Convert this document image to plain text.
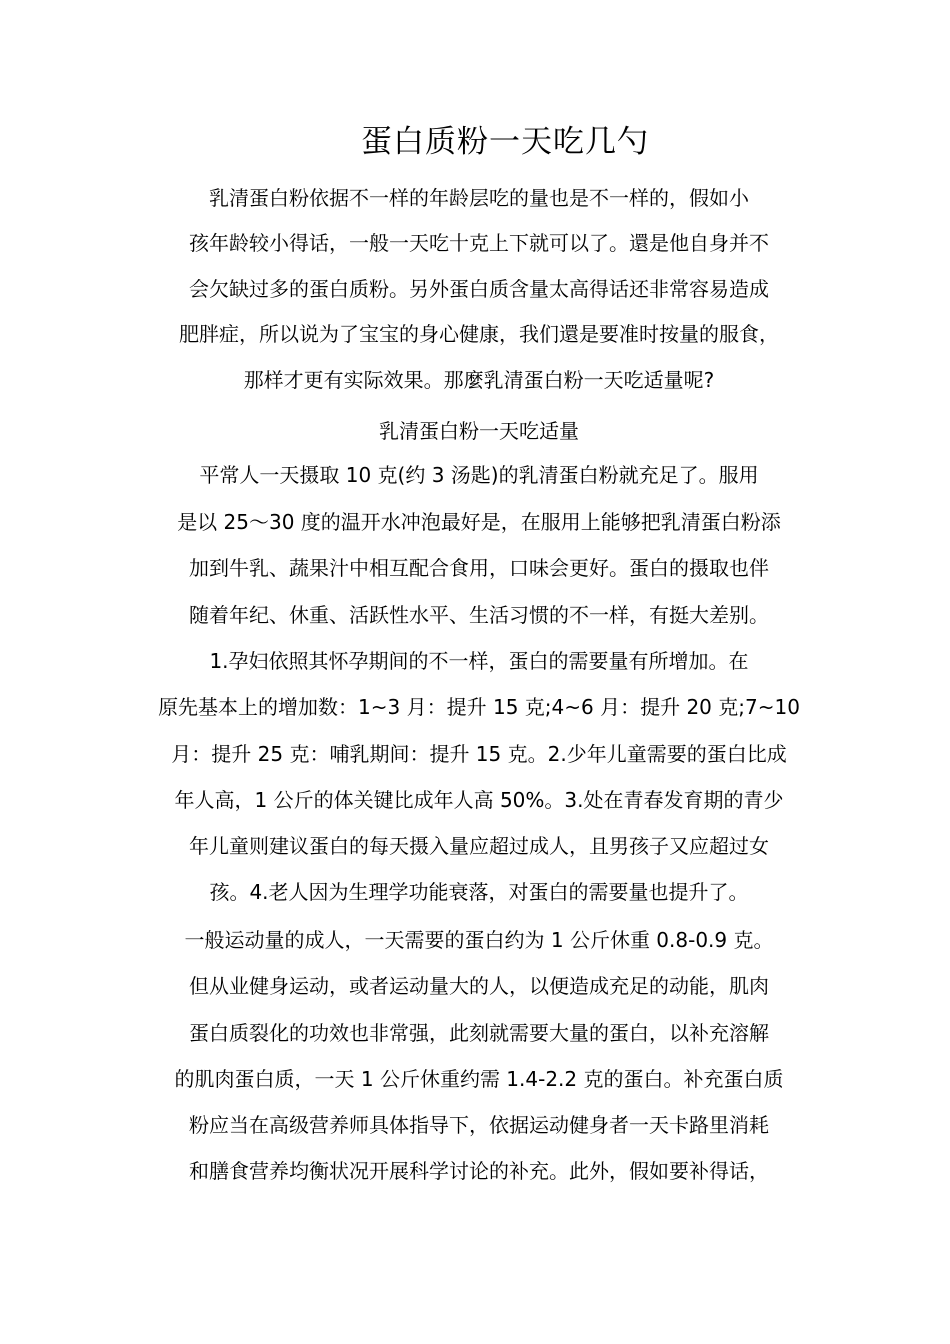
蛋白质粉一天吃几勺
乳清蛋白粉依据不一样的年龄层吃的量也是不一样的，假如小
孩年龄较小得话，一般一天吃十克上下就可以了。還是他自身并不
会欠缺过多的蛋白质粉。另外蛋白质含量太高得话还非常容易造成
肥胖症，所以说为了宝宝的身心健康，我们還是要准时按量的服食，
那样才更有实际效果。那麼乳清蛋白粉一天吃适量呢?
乳清蛋白粉一天吃适量
平常人一天摄取 10 克(约 3 汤匙)的乳清蛋白粉就充足了。服用
是以 25～30 度的温开水冲泡最好是，在服用上能够把乳清蛋白粉添
加到牛乳、蔬果汁中相互配合食用，口味会更好。蛋白的摄取也伴
随着年纪、休重、活跃性水平、生活习惯的不一样，有挺大差别。
1.孕妇依照其怀孕期间的不一样，蛋白的需要量有所增加。在
原先基本上的增加数：1~3 月：提升 15 克;4~6 月：提升 20 克;7~10
月：提升 25 克：哺乳期间：提升 15 克。2.少年儿童需要的蛋白比成
年人高，1 公斤的体关键比成年人高 50%。3.处在青春发育期的青少
年儿童则建议蛋白的每天摄入量应超过成人，且男孩子又应超过女
孩。4.老人因为生理学功能衰落，对蛋白的需要量也提升了。
一般运动量的成人，一天需要的蛋白约为 1 公斤休重 0.8-0.9 克。
但从业健身运动，或者运动量大的人，以便造成充足的动能，肌肉
蛋白质裂化的功效也非常强，此刻就需要大量的蛋白，以补充溶解
的肌肉蛋白质，一天 1 公斤休重约需 1.4-2.2 克的蛋白。补充蛋白质
粉应当在高级营养师具体指导下，依据运动健身者一天卡路里消耗
和膳食营养均衡状况开展科学讨论的补充。此外，假如要补得话，
